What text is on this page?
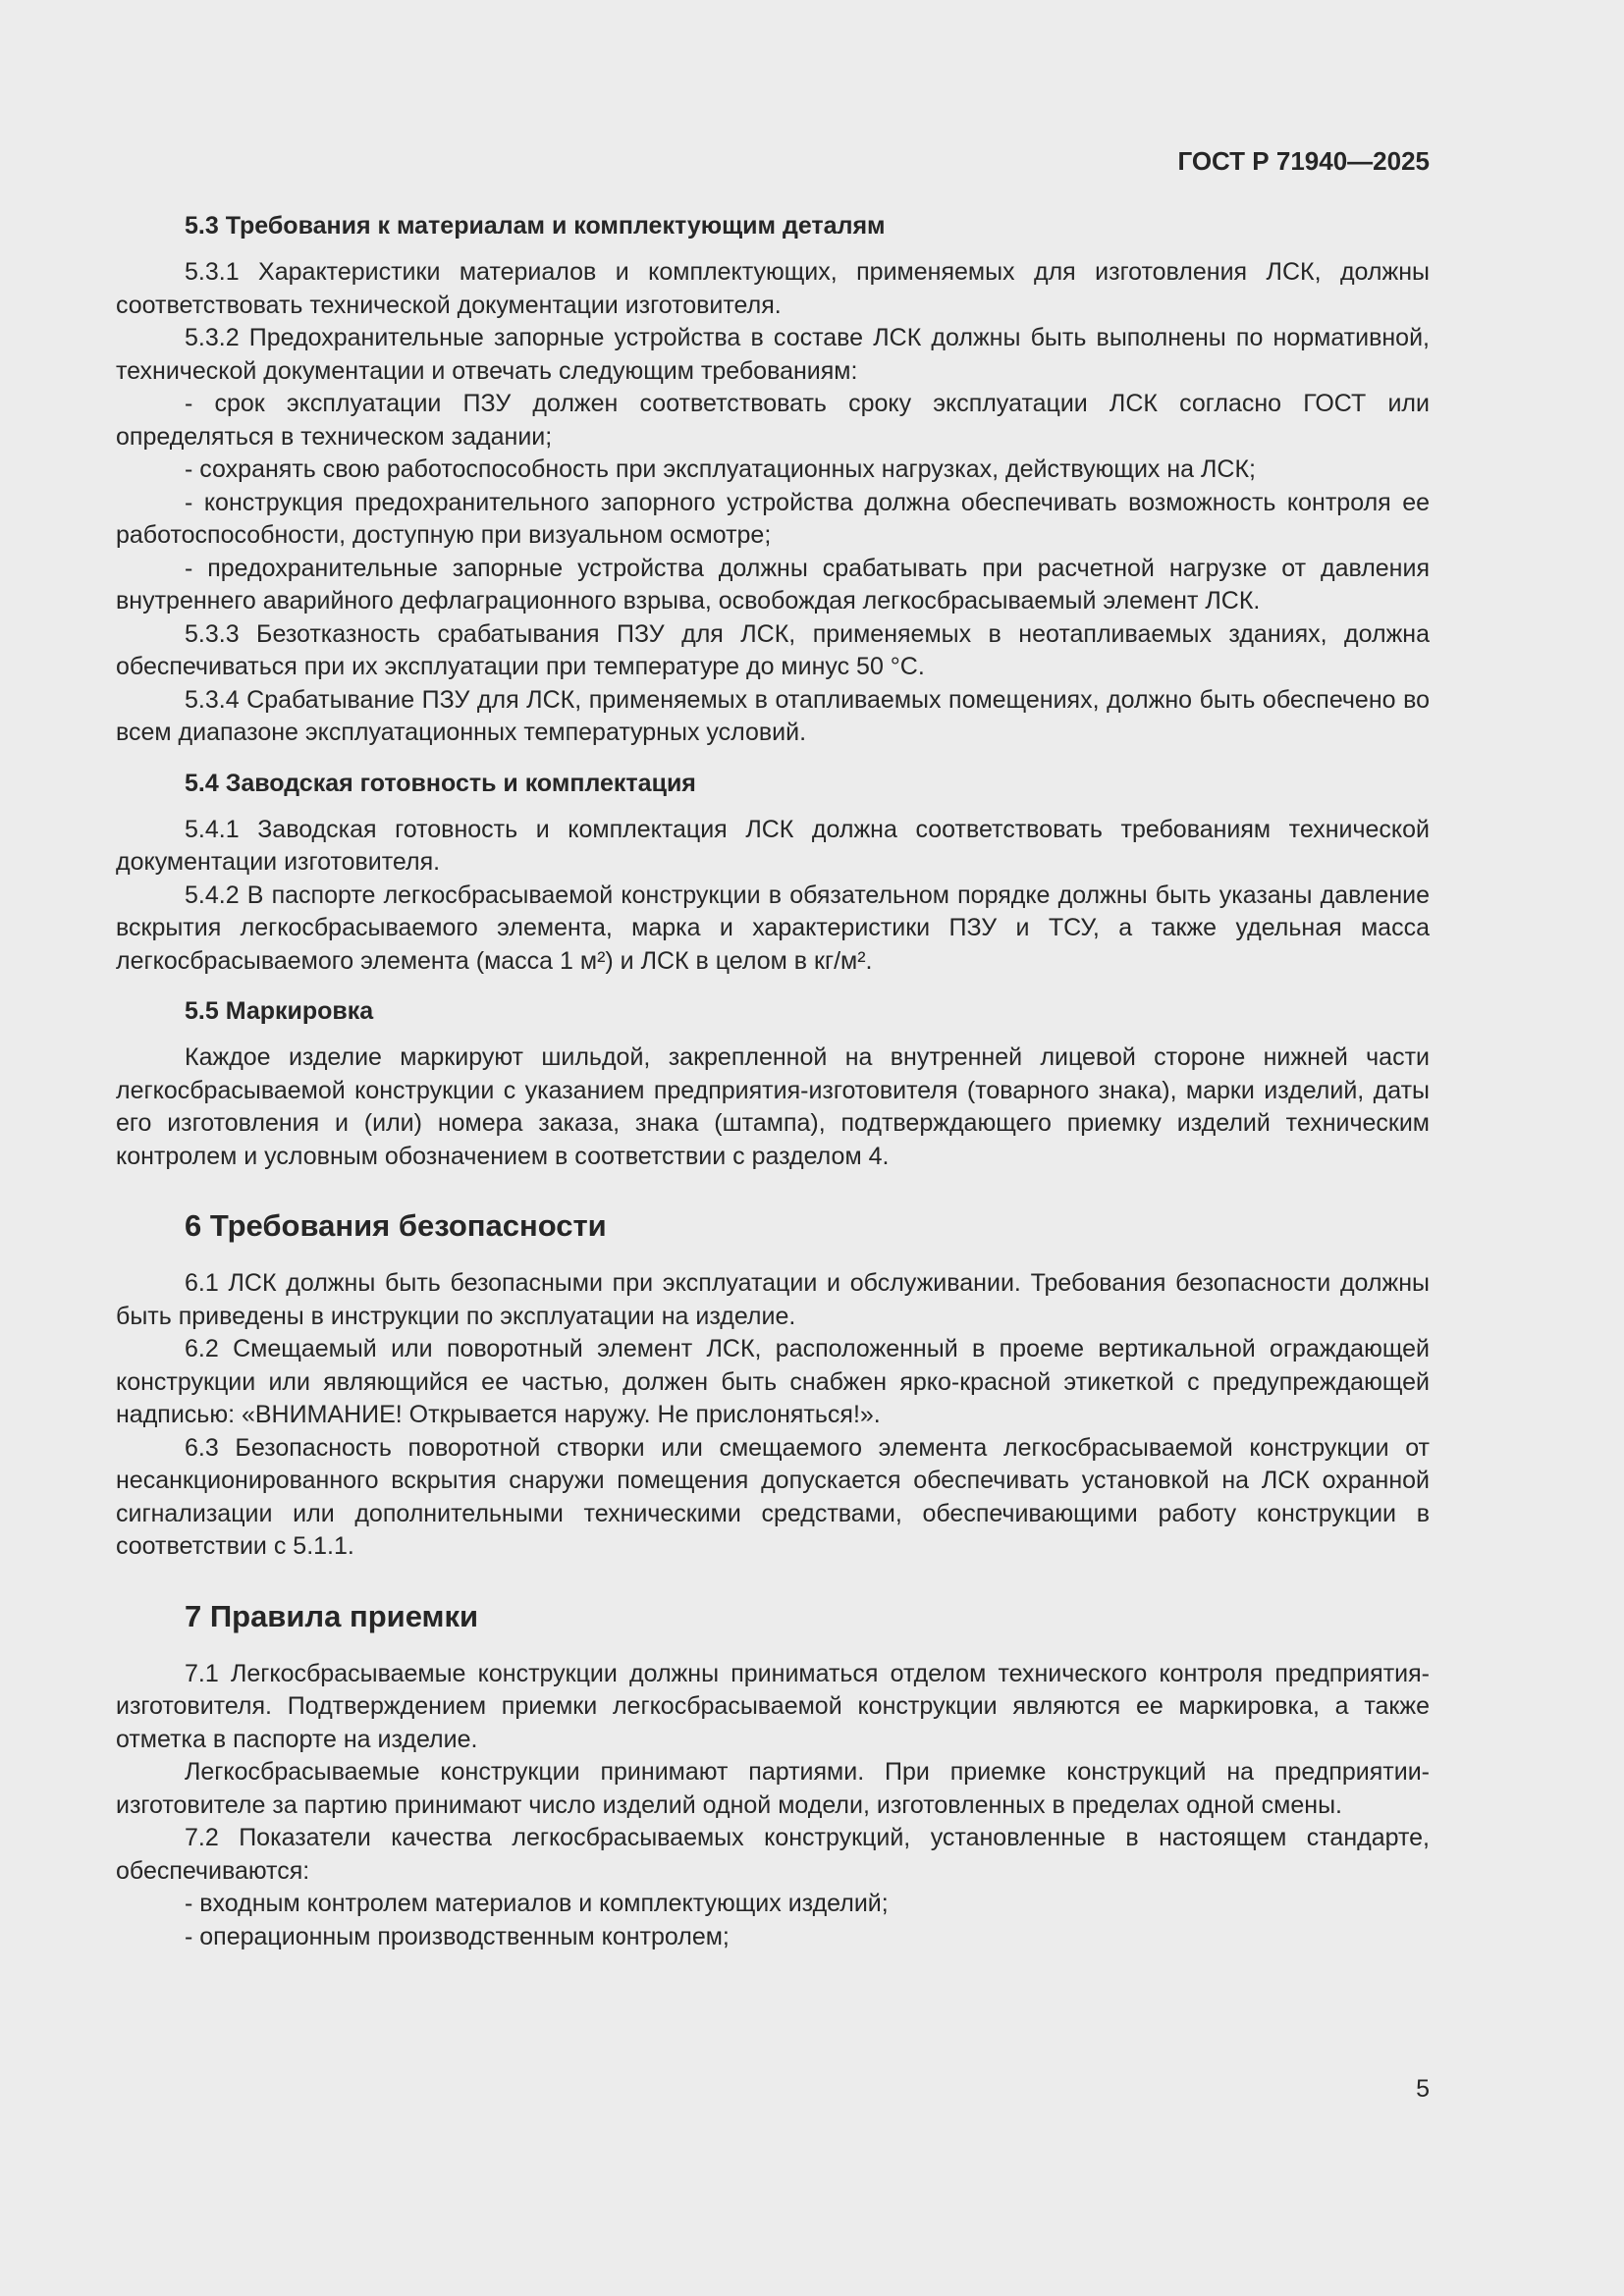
ГОСТ Р 71940—2025
5.3 Требования к материалам и комплектующим деталям
5.3.1 Характеристики материалов и комплектующих, применяемых для изготовления ЛСК, должны соответствовать технической документации изготовителя.
5.3.2 Предохранительные запорные устройства в составе ЛСК должны быть выполнены по нормативной, технической документации и отвечать следующим требованиям:
- срок эксплуатации ПЗУ должен соответствовать сроку эксплуатации ЛСК согласно ГОСТ или определяться в техническом задании;
- сохранять свою работоспособность при эксплуатационных нагрузках, действующих на ЛСК;
- конструкция предохранительного запорного устройства должна обеспечивать возможность контроля ее работоспособности, доступную при визуальном осмотре;
- предохранительные запорные устройства должны срабатывать при расчетной нагрузке от давления внутреннего аварийного дефлаграционного взрыва, освобождая легкосбрасываемый элемент ЛСК.
5.3.3 Безотказность срабатывания ПЗУ для ЛСК, применяемых в неотапливаемых зданиях, должна обеспечиваться при их эксплуатации при температуре до минус 50 °С.
5.3.4 Срабатывание ПЗУ для ЛСК, применяемых в отапливаемых помещениях, должно быть обеспечено во всем диапазоне эксплуатационных температурных условий.
5.4 Заводская готовность и комплектация
5.4.1 Заводская готовность и комплектация ЛСК должна соответствовать требованиям технической документации изготовителя.
5.4.2 В паспорте легкосбрасываемой конструкции в обязательном порядке должны быть указаны давление вскрытия легкосбрасываемого элемента, марка и характеристики ПЗУ и ТСУ, а также удельная масса легкосбрасываемого элемента (масса 1 м²) и ЛСК в целом в кг/м².
5.5 Маркировка
Каждое изделие маркируют шильдой, закрепленной на внутренней лицевой стороне нижней части легкосбрасываемой конструкции с указанием предприятия-изготовителя (товарного знака), марки изделий, даты его изготовления и (или) номера заказа, знака (штампа), подтверждающего приемку изделий техническим контролем и условным обозначением в соответствии с разделом 4.
6 Требования безопасности
6.1 ЛСК должны быть безопасными при эксплуатации и обслуживании. Требования безопасности должны быть приведены в инструкции по эксплуатации на изделие.
6.2 Смещаемый или поворотный элемент ЛСК, расположенный в проеме вертикальной ограждающей конструкции или являющийся ее частью, должен быть снабжен ярко-красной этикеткой с предупреждающей надписью: «ВНИМАНИЕ! Открывается наружу. Не прислоняться!».
6.3 Безопасность поворотной створки или смещаемого элемента легкосбрасываемой конструкции от несанкционированного вскрытия снаружи помещения допускается обеспечивать установкой на ЛСК охранной сигнализации или дополнительными техническими средствами, обеспечивающими работу конструкции в соответствии с 5.1.1.
7 Правила приемки
7.1 Легкосбрасываемые конструкции должны приниматься отделом технического контроля предприятия-изготовителя. Подтверждением приемки легкосбрасываемой конструкции являются ее маркировка, а также отметка в паспорте на изделие.
Легкосбрасываемые конструкции принимают партиями. При приемке конструкций на предприятии-изготовителе за партию принимают число изделий одной модели, изготовленных в пределах одной смены.
7.2 Показатели качества легкосбрасываемых конструкций, установленные в настоящем стандарте, обеспечиваются:
- входным контролем материалов и комплектующих изделий;
- операционным производственным контролем;
5
